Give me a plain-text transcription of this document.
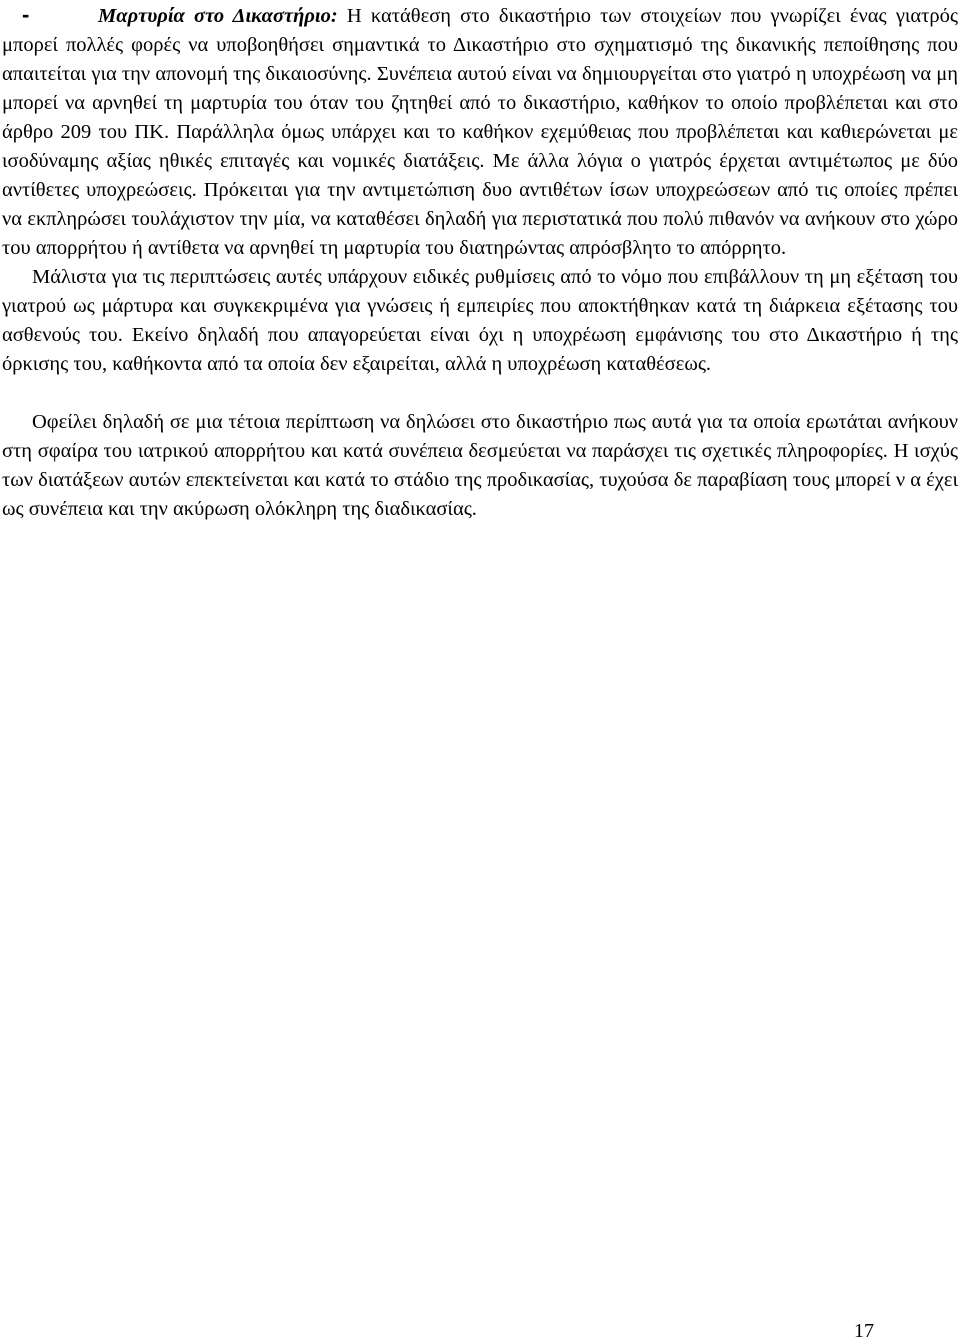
-	Μαρτυρία στο Δικαστήριο: Η κατάθεση στο δικαστήριο των στοιχείων που γνωρίζει ένας γιατρός μπορεί πολλές φορές να υποβοηθήσει σημαντικά το Δικαστήριο στο σχηματισμό της δικανικής πεποίθησης που απαιτείται για την απονομή της δικαιοσύνης. Συνέπεια αυτού είναι να δημιουργείται στο γιατρό η υποχρέωση να μη μπορεί να αρνηθεί τη μαρτυρία του όταν του ζητηθεί από το δικαστήριο, καθήκον το οποίο προβλέπεται και στο άρθρο 209 του ΠΚ. Παράλληλα όμως υπάρχει και το καθήκον εχεμύθειας που προβλέπεται και καθιερώνεται με ισοδύναμης αξίας ηθικές επιταγές και νομικές διατάξεις. Με άλλα λόγια ο γιατρός έρχεται αντιμέτωπος με δύο αντίθετες υποχρεώσεις. Πρόκειται για την αντιμετώπιση δυο αντιθέτων ίσων υποχρεώσεων από τις οποίες πρέπει να εκπληρώσει τουλάχιστον την μία, να καταθέσει δηλαδή για περιστατικά που πολύ πιθανόν να ανήκουν στο χώρο του απορρήτου ή αντίθετα να αρνηθεί τη μαρτυρία του διατηρώντας απρόσβλητο το απόρρητο.

Μάλιστα για τις περιπτώσεις αυτές υπάρχουν ειδικές ρυθμίσεις από το νόμο που επιβάλλουν τη μη εξέταση του γιατρού ως μάρτυρα και συγκεκριμένα για γνώσεις ή εμπειρίες που αποκτήθηκαν κατά τη διάρκεια εξέτασης του ασθενούς του. Εκείνο δηλαδή που απαγορεύεται είναι όχι η υποχρέωση εμφάνισης του στο Δικαστήριο ή της όρκισης του, καθήκοντα από τα οποία δεν εξαιρείται, αλλά η υποχρέωση καταθέσεως.

Οφείλει δηλαδή σε μια τέτοια περίπτωση να δηλώσει στο δικαστήριο πως αυτά για τα οποία ερωτάται ανήκουν στη σφαίρα του ιατρικού απορρήτου και κατά συνέπεια δεσμεύεται να παράσχει τις σχετικές πληροφορίες. Η ισχύς των διατάξεων αυτών επεκτείνεται και κατά το στάδιο της προδικασίας, τυχούσα δε παραβίαση τους μπορεί ν α έχει ως συνέπεια και την ακύρωση ολόκληρη της διαδικασίας.

17
